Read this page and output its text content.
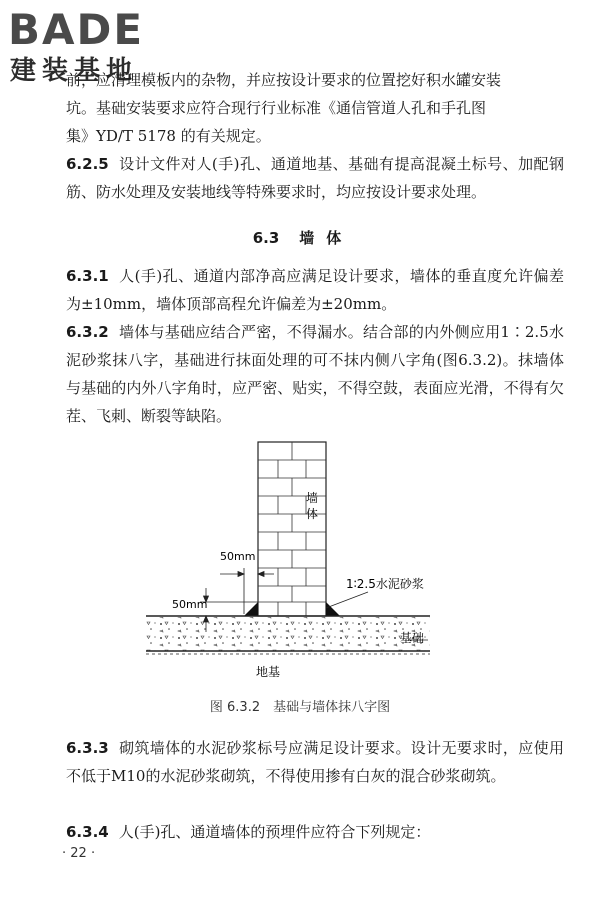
BADE
建装基地

前，应清理模板内的杂物，并应按设计要求的位置挖好积水罐安装

坑。基础安装要求应符合现行行业标准《通信管道人孔和手孔图

集》YD/T 5178 的有关规定。

6.2.5 设计文件对人(手)孔、通道地基、基础有提高混凝土标号、加配钢筋、防水处理及安装地线等特殊要求时，均应按设计要求处理。

6.3 墙 体

6.3.1 人(手)孔、通道内部净高应满足设计要求，墙体的垂直度允许偏差为±10mm，墙体顶部高程允许偏差为±20mm。

6.3.2 墙体与基础应结合严密，不得漏水。结合部的内外侧应用1∶2.5水泥砂浆抹八字，基础进行抹面处理的可不抹内侧八字角(图6.3.2)。抹墙体与基础的内外八字角时，应严密、贴实，不得空鼓，表面应光滑，不得有欠茬、飞刺、断裂等缺陷。

墙
体
50mm
50mm
1∶2.5水泥砂浆
基础
地基
图 6.3.2　基础与墙体抹八字图

6.3.3 砌筑墙体的水泥砂浆标号应满足设计要求。设计无要求时，应使用不低于M10的水泥砂浆砌筑，不得使用掺有白灰的混合砂浆砌筑。

6.3.4 人(手)孔、通道墙体的预埋件应符合下列规定：

· 22 ·
